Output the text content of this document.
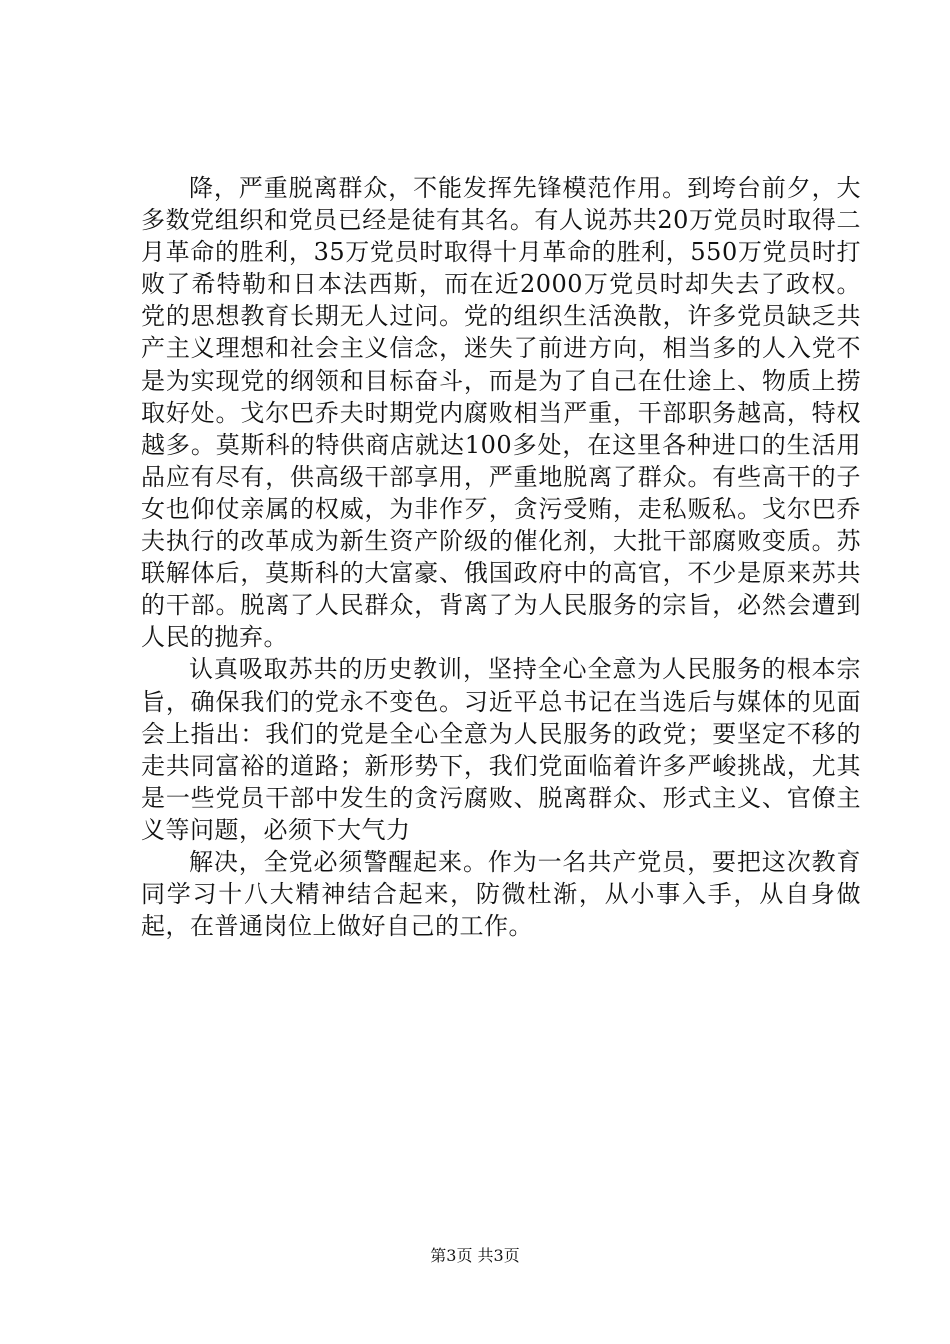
降，严重脱离群众，不能发挥先锋模范作用。到垮台前夕，大多数党组织和党员已经是徒有其名。有人说苏共20万党员时取得二月革命的胜利，35万党员时取得十月革命的胜利，550万党员时打败了希特勒和日本法西斯，而在近2000万党员时却失去了政权。党的思想教育长期无人过问。党的组织生活涣散，许多党员缺乏共产主义理想和社会主义信念，迷失了前进方向，相当多的人入党不是为实现党的纲领和目标奋斗，而是为了自己在仕途上、物质上捞取好处。戈尔巴乔夫时期党内腐败相当严重，干部职务越高，特权越多。莫斯科的特供商店就达100多处，在这里各种进口的生活用品应有尽有，供高级干部享用，严重地脱离了群众。有些高干的子女也仰仗亲属的权威，为非作歹，贪污受贿，走私贩私。戈尔巴乔夫执行的改革成为新生资产阶级的催化剂，大批干部腐败变质。苏联解体后，莫斯科的大富豪、俄国政府中的高官，不少是原来苏共的干部。脱离了人民群众，背离了为人民服务的宗旨，必然会遭到人民的抛弃。

认真吸取苏共的历史教训，坚持全心全意为人民服务的根本宗旨，确保我们的党永不变色。习近平总书记在当选后与媒体的见面会上指出：我们的党是全心全意为人民服务的政党；要坚定不移的走共同富裕的道路；新形势下，我们党面临着许多严峻挑战，尤其是一些党员干部中发生的贪污腐败、脱离群众、形式主义、官僚主义等问题，必须下大气力

解决，全党必须警醒起来。作为一名共产党员，要把这次教育同学习十八大精神结合起来，防微杜渐，从小事入手，从自身做起，在普通岗位上做好自己的工作。

第3页 共3页
